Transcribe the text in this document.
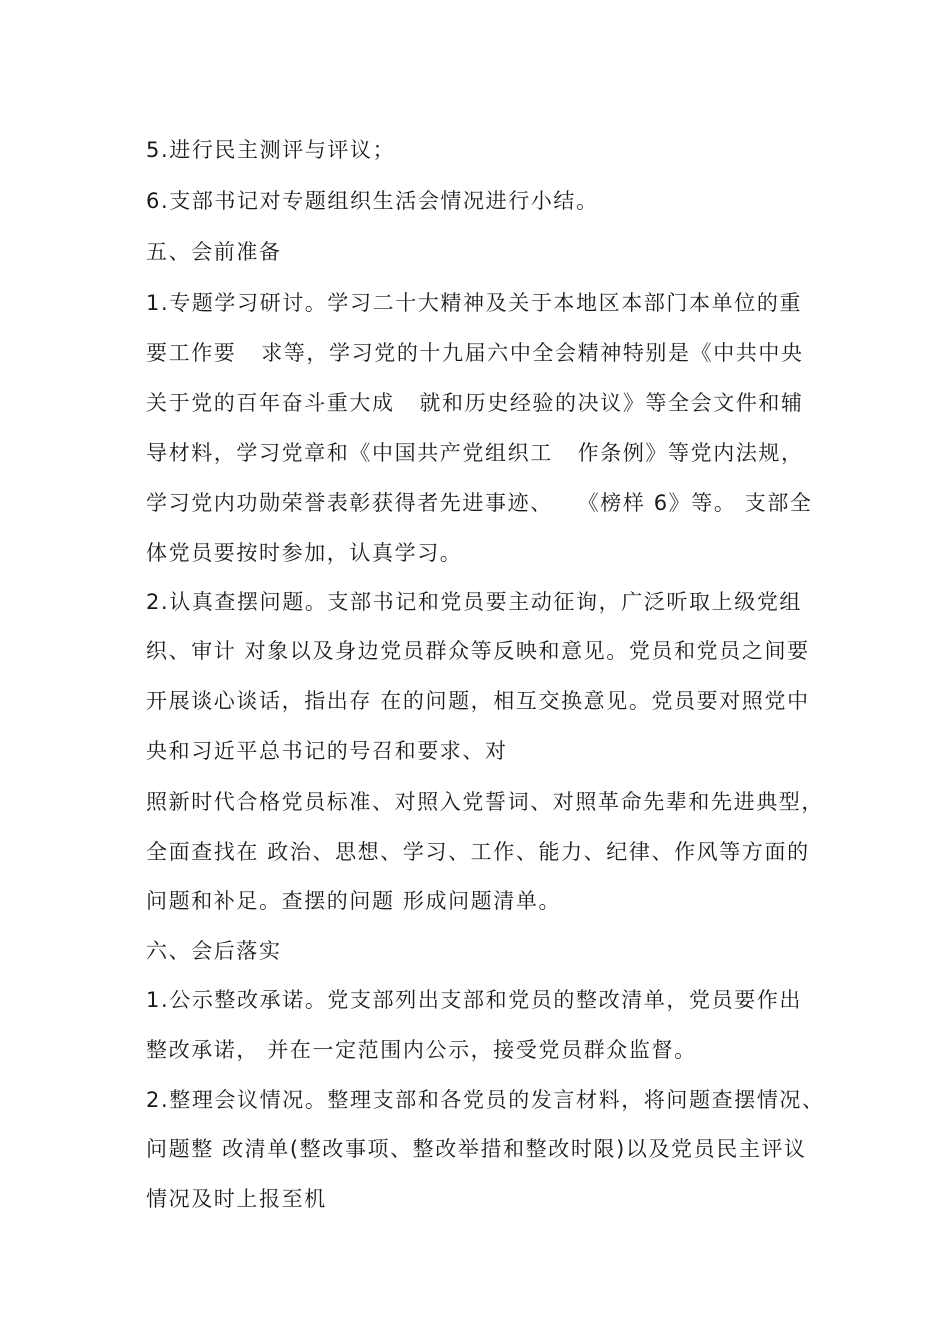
5.进行民主测评与评议；
6.支部书记对专题组织生活会情况进行小结。
五、会前准备
1.专题学习研讨。学习二十大精神及关于本地区本部门本单位的重
要工作要   求等，学习党的十九届六中全会精神特别是《中共中央
关于党的百年奋斗重大成   就和历史经验的决议》等全会文件和辅
导材料，学习党章和《中国共产党组织工   作条例》等党内法规，
学习党内功勋荣誉表彰获得者先进事迹、   《榜样 6》等。 支部全
体党员要按时参加，认真学习。
2.认真查摆问题。支部书记和党员要主动征询，广泛听取上级党组
织、审计 对象以及身边党员群众等反映和意见。党员和党员之间要
开展谈心谈话，指出存 在的问题，相互交换意见。党员要对照党中
央和习近平总书记的号召和要求、对
照新时代合格党员标准、对照入党誓词、对照革命先辈和先进典型，
全面查找在 政治、思想、学习、工作、能力、纪律、作风等方面的
问题和补足。查摆的问题 形成问题清单。
六、会后落实
1.公示整改承诺。党支部列出支部和党员的整改清单，党员要作出
整改承诺， 并在一定范围内公示，接受党员群众监督。
2.整理会议情况。整理支部和各党员的发言材料，将问题查摆情况、
问题整 改清单(整改事项、整改举措和整改时限)以及党员民主评议
情况及时上报至机
